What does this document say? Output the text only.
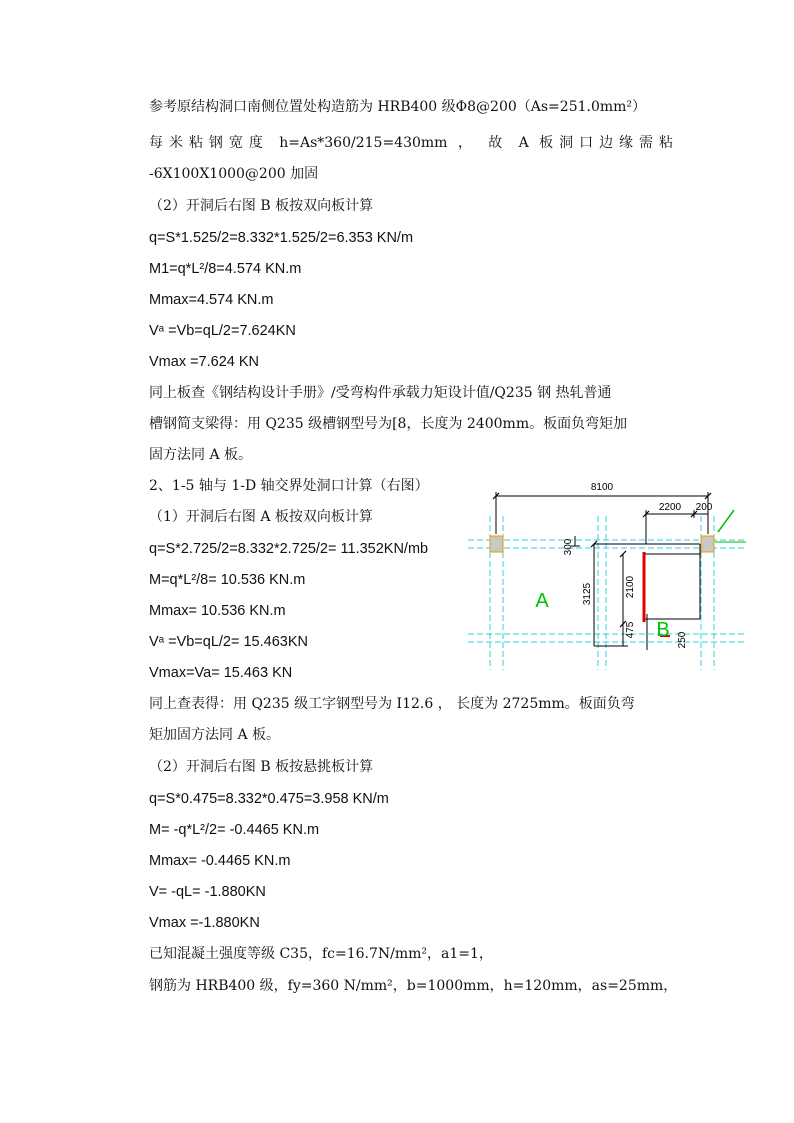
参考原结构洞口南侧位置处构造筋为 HRB400 级Φ8@200（As=251.0mm²）
每米粘钢宽度 h=As*360/215=430mm ， 故 A 板洞口边缘需粘
-6X100X1000@200 加固
（2）开洞后右图 B 板按双向板计算
q=S*1.525/2=8.332*1.525/2=6.353 KN/m
M1=q*L²/8=4.574 KN.m
Mmax=4.574 KN.m
Vᵃ =Vb=qL/2=7.624KN
Vmax =7.624 KN
同上板查《钢结构设计手册》/受弯构件承载力矩设计值/Q235 钢 热轧普通
槽钢简支梁得：用 Q235 级槽钢型号为[8，长度为 2400mm。板面负弯矩加
固方法同 A 板。
2、1-5 轴与 1-D 轴交界处洞口计算（右图）
（1）开洞后右图 A 板按双向板计算
q=S*2.725/2=8.332*2.725/2= 11.352KN/mb
M=q*L²/8= 10.536 KN.m
Mmax= 10.536 KN.m
Vᵃ =Vb=qL/2= 15.463KN
Vmax=Va= 15.463 KN
同上查表得：用 Q235 级工字钢型号为 I12.6 ， 长度为 2725mm。板面负弯
矩加固方法同 A 板。
（2）开洞后右图 B 板按悬挑板计算
q=S*0.475=8.332*0.475=3.958 KN/m
M= -q*L²/2= -0.4465 KN.m
Mmax= -0.4465 KN.m
V= -qL= -1.880KN
Vmax =-1.880KN
已知混凝土强度等级 C35，fc=16.7N/mm²，a1=1，
钢筋为 HRB400 级，fy=360 N/mm²，b=1000mm，h=120mm，as=25mm，
8100
2200 200
300
3125	2100
475
250
A
B
